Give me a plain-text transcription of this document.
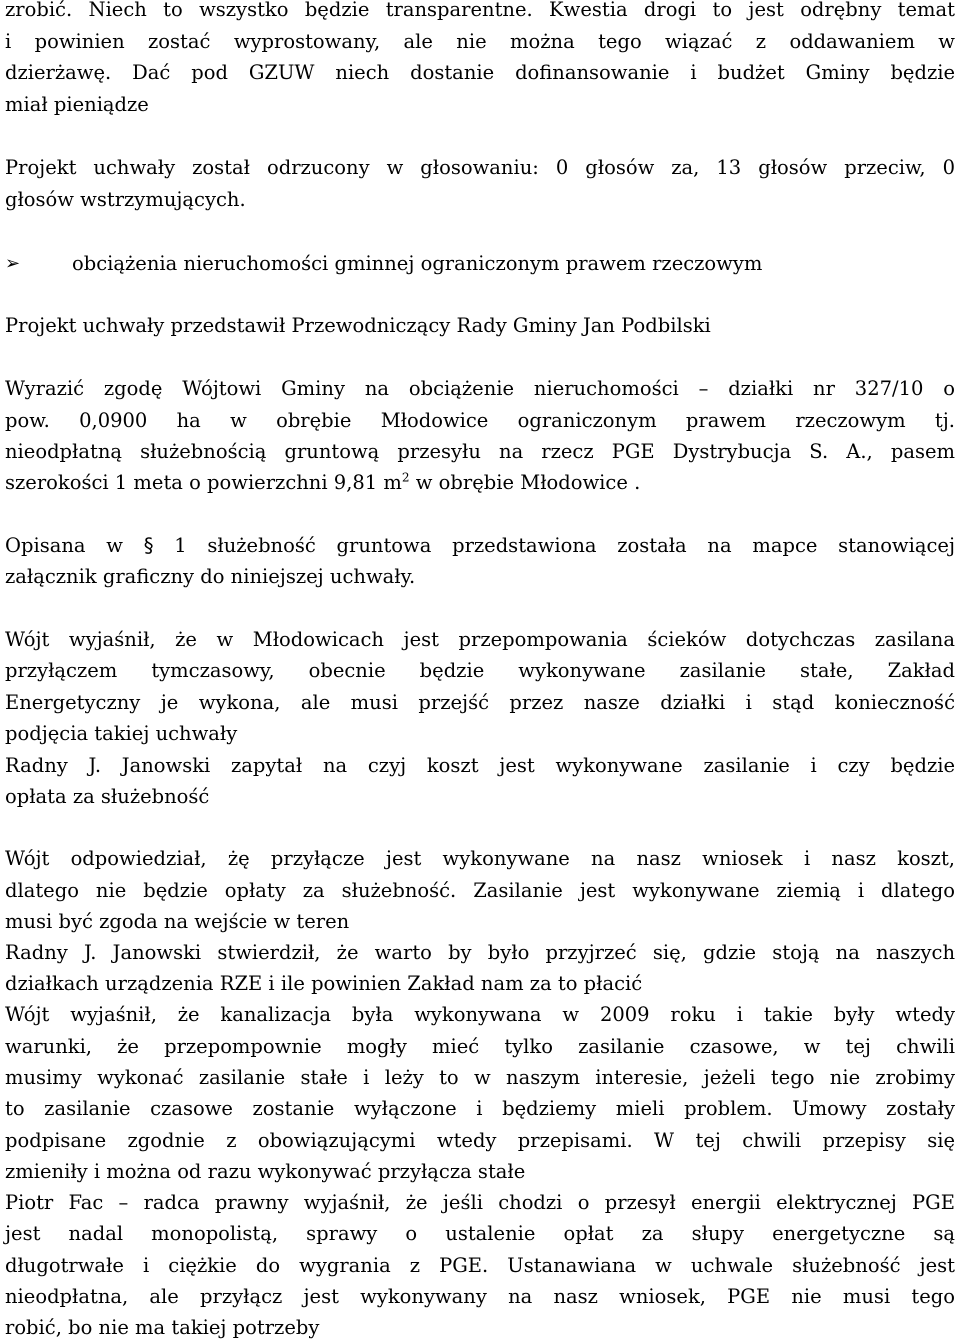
zrobić. Niech to wszystko będzie transparentne. Kwestia drogi to jest odrębny temat

i powinien zostać wyprostowany, ale nie można tego wiązać z oddawaniem w

dzierżawę. Dać pod GZUW niech dostanie dofinansowanie i budżet Gminy będzie

miał pieniądze

Projekt uchwały został odrzucony w głosowaniu: 0 głosów za, 13 głosów przeciw, 0

głosów wstrzymujących.

➢	obciążenia nieruchomości gminnej ograniczonym prawem rzeczowym

Projekt uchwały przedstawił Przewodniczący Rady Gminy Jan Podbilski

Wyrazić zgodę Wójtowi Gminy na obciążenie nieruchomości – działki nr 327/10 o

pow. 0,0900 ha w obrębie Młodowice ograniczonym prawem rzeczowym tj.

nieodpłatną służebnością gruntową przesyłu na rzecz PGE Dystrybucja S. A., pasem

szerokości 1 meta o powierzchni 9,81 $m^2$ w obrębie Młodowice .

Opisana w § 1 służebność gruntowa przedstawiona została na mapce stanowiącej

załącznik graficzny do niniejszej uchwały.

Wójt wyjaśnił, że w Młodowicach jest przepompowania ścieków dotychczas zasilana

przyłączem tymczasowy, obecnie będzie wykonywane zasilanie stałe, Zakład

Energetyczny je wykona, ale musi przejść przez nasze działki i stąd konieczność

podjęcia takiej uchwały

Radny J. Janowski zapytał na czyj koszt jest wykonywane zasilanie i czy będzie

opłata za służebność

Wójt odpowiedział, żę przyłącze jest wykonywane na nasz wniosek i nasz koszt,

dlatego nie będzie opłaty za służebność. Zasilanie jest wykonywane ziemią i dlatego

musi być zgoda na wejście w teren

Radny J. Janowski stwierdził, że warto by było przyjrzeć się, gdzie stoją na naszych

działkach urządzenia RZE i ile powinien Zakład nam za to płacić

Wójt wyjaśnił, że kanalizacja była wykonywana w 2009 roku i takie były wtedy

warunki, że przepompownie mogły mieć tylko zasilanie czasowe, w tej chwili

musimy wykonać zasilanie stałe i leży to w naszym interesie, jeżeli tego nie zrobimy

to zasilanie czasowe zostanie wyłączone i będziemy mieli problem. Umowy zostały

podpisane zgodnie z obowiązującymi wtedy przepisami. W tej chwili przepisy się

zmieniły i można od razu wykonywać przyłącza stałe

Piotr Fac – radca prawny wyjaśnił, że jeśli chodzi o przesył energii elektrycznej PGE

jest nadal monopolistą, sprawy o ustalenie opłat za słupy energetyczne są

długotrwałe i ciężkie do wygrania z PGE. Ustanawiana w uchwale służebność jest

nieodpłatna, ale przyłącz jest wykonywany na nasz wniosek, PGE nie musi tego

robić, bo nie ma takiej potrzeby
